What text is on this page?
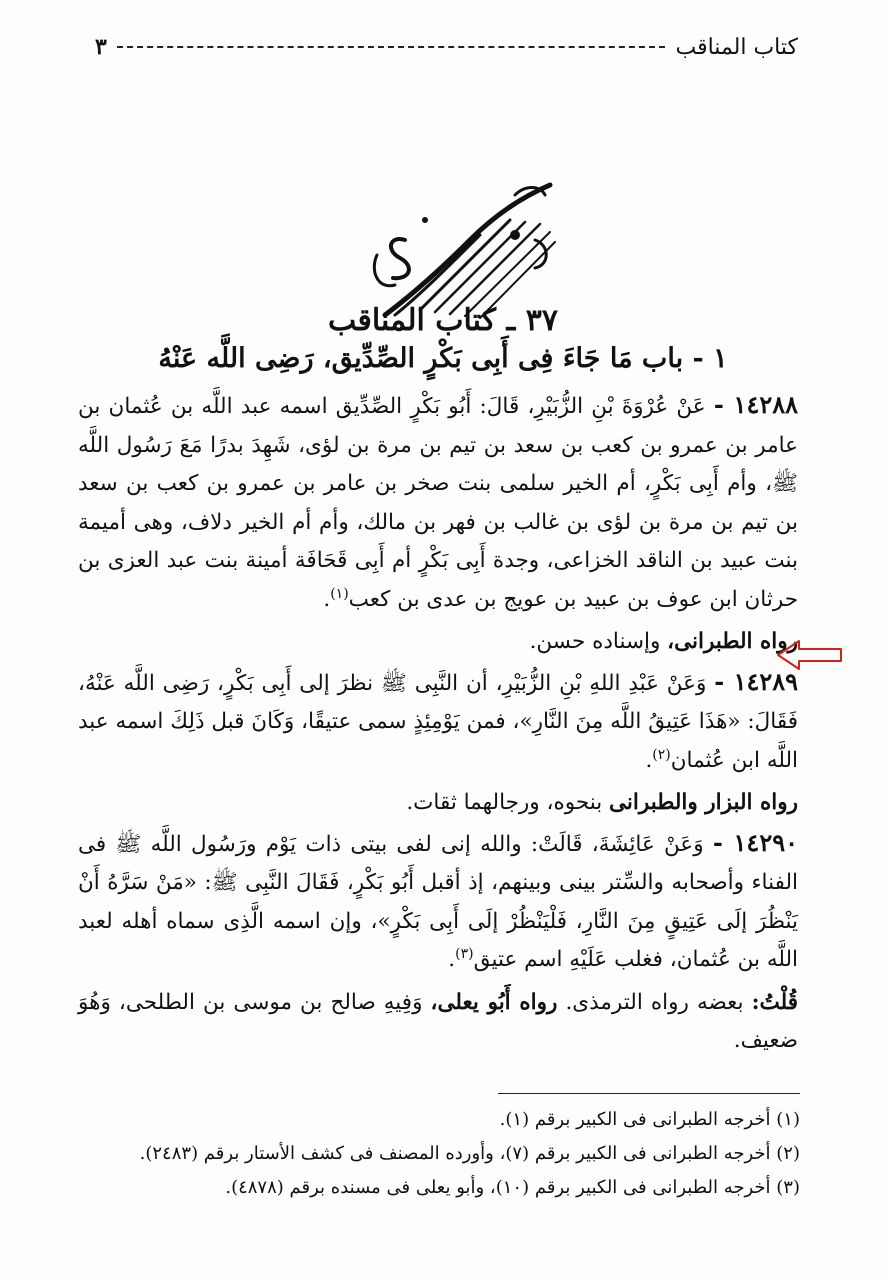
كتاب المناقب
٣
٣٧ ـ كتاب المناقب
١ - باب مَا جَاءَ فِى أَبِى بَكْرٍ الصِّدِّيق، رَضِى اللَّه عَنْهُ

١٤٢٨٨ - عَنْ عُرْوَةَ بْنِ الزُّبَيْرِ، قَالَ: أَبُو بَكْرٍ الصِّدِّيق اسمه عبد اللَّه بن عُثمان بن عامر بن عمرو بن كعب بن سعد بن تيم بن مرة بن لؤى، شَهِدَ بدرًا مَعَ رَسُول اللَّه ﷺ، وأم أَبِى بَكْرٍ، أم الخير سلمى بنت صخر بن عامر بن عمرو بن كعب بن سعد بن تيم بن مرة بن لؤى بن غالب بن فهر بن مالك، وأم أم الخير دلاف، وهى أميمة بنت عبيد بن الناقد الخزاعى، وجدة أَبِى بَكْرٍ أم أَبِى قَحَافَة أمينة بنت عبد العزى بن حرثان ابن عوف بن عبيد بن عويج بن عدى بن كعب$^{(١)}$.

رواه الطبرانى، وإسناده حسن.

١٤٢٨٩ - وَعَنْ عَبْدِ اللهِ بْنِ الزُّبَيْرِ، أن النَّبِى ﷺ نظرَ إلى أَبِى بَكْرٍ، رَضِى اللَّه عَنْهُ، فَقَالَ: «هَذَا عَتِيقُ اللَّه مِنَ النَّارِ»، فمن يَوْمِئِذٍ سمى عتيقًا، وَكَانَ قبل ذَلِكَ اسمه عبد اللَّه ابن عُثمان$^{(٢)}$.

رواه البزار والطبرانى بنحوه، ورجالهما ثقات.

١٤٢٩٠ - وَعَنْ عَائِشَةَ، قَالَتْ: والله إنى لفى بيتى ذات يَوْم ورَسُول اللَّه ﷺ فى الفناء وأصحابه والسِّتر بينى وبينهم، إذ أقبل أَبُو بَكْرٍ، فَقَالَ النَّبِى ﷺ: «مَنْ سَرَّهُ أَنْ يَنْظُرَ إلَى عَتِيقٍ مِنَ النَّارِ، فَلْيَنْظُرْ إلَى أَبِى بَكْرٍ»، وإن اسمه الَّذِى سماه أهله لعبد اللَّه بن عُثمان، فغلب عَلَيْهِ اسم عتيق$^{(٣)}$.

قُلْتُ: بعضه رواه الترمذى. رواه أَبُو يعلى، وَفِيهِ صالح بن موسى بن الطلحى، وَهُوَ ضعيف.

(١) أخرجه الطبرانى فى الكبير برقم (١).
(٢) أخرجه الطبرانى فى الكبير برقم (٧)، وأورده المصنف فى كشف الأستار برقم (٢٤٨٣).
(٣) أخرجه الطبرانى فى الكبير برقم (١٠)، وأبو يعلى فى مسنده برقم (٤٨٧٨).
